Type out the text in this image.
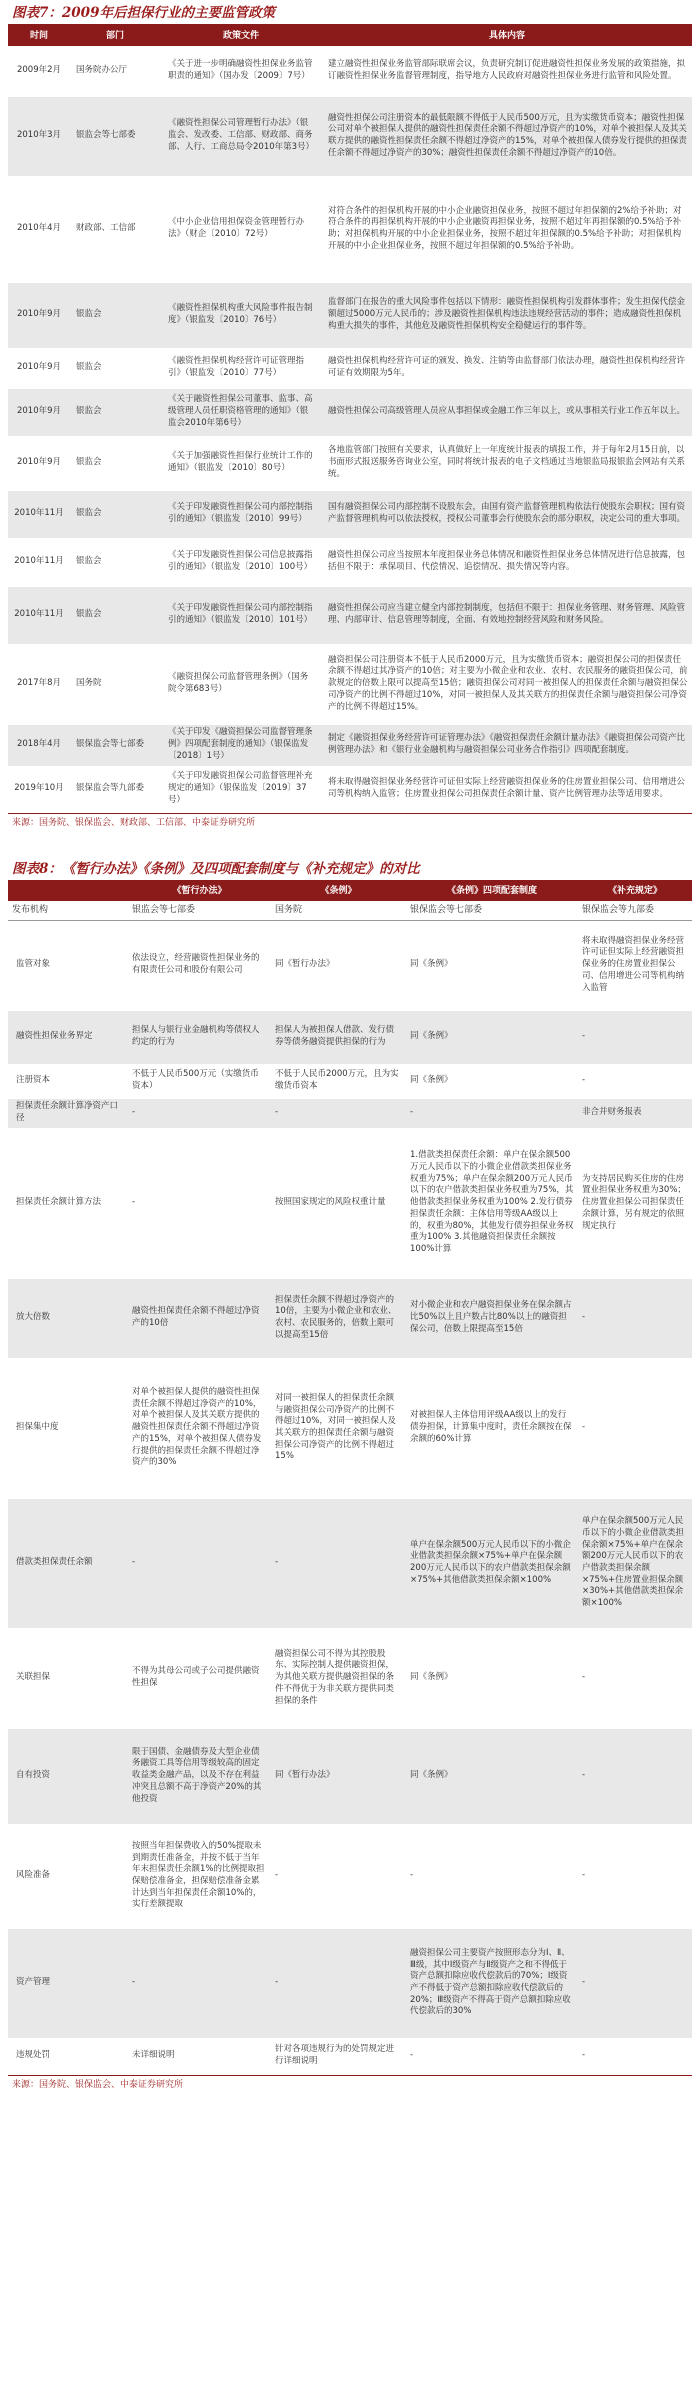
图表7：2009年后担保行业的主要监管政策
时间	部门	政策文件	具体内容
2009年2月	国务院办公厅	《关于进一步明确融资性担保业务监管职责的通知》（国办发〔2009〕7号）	建立融资性担保业务监管部际联席会议，负责研究制订促进融资性担保业务发展的政策措施，拟订融资性担保业务监督管理制度，指导地方人民政府对融资性担保业务进行监管和风险处置。
2010年3月	银监会等七部委	《融资性担保公司管理暂行办法》（银监会、发改委、工信部、财政部、商务部、人行、工商总局令2010年第3号）	融资性担保公司注册资本的最低限额不得低于人民币500万元，且为实缴货币资本；融资性担保公司对单个被担保人提供的融资性担保责任余额不得超过净资产的10%，对单个被担保人及其关联方提供的融资性担保责任余额不得超过净资产的15%，对单个被担保人债券发行提供的担保责任余额不得超过净资产的30%；融资性担保责任余额不得超过净资产的10倍。
2010年4月	财政部、工信部	《中小企业信用担保资金管理暂行办法》（财企〔2010〕72号）	对符合条件的担保机构开展的中小企业融资担保业务，按照不超过年担保额的2%给予补助；对符合条件的再担保机构开展的中小企业融资再担保业务，按照不超过年再担保额的0.5%给予补助；对担保机构开展的中小企业担保业务，按照不超过年担保额的0.5%给予补助；对担保机构开展的中小企业担保业务，按照不超过年担保额的0.5%给予补助。
2010年9月	银监会	《融资性担保机构重大风险事件报告制度》（银监发〔2010〕76号）	监督部门在报告的重大风险事件包括以下情形：融资性担保机构引发群体事件；发生担保代偿金额超过5000万元人民币的；涉及融资性担保机构违法违规经营活动的事件；造成融资性担保机构重大损失的事件，其他危及融资性担保机构安全稳健运行的事件等。
2010年9月	银监会	《融资性担保机构经营许可证管理指引》（银监发〔2010〕77号）	融资性担保机构经营许可证的颁发、换发、注销等由监督部门依法办理，融资性担保机构经营许可证有效期限为5年。
2010年9月	银监会	《关于融资性担保公司董事、监事、高级管理人员任职资格管理的通知》（银监会2010年第6号）	融资性担保公司高级管理人员应从事担保或金融工作三年以上，或从事相关行业工作五年以上。
2010年9月	银监会	《关于加强融资性担保行业统计工作的通知》（银监发〔2010〕80号）	各地监管部门按照有关要求，认真做好上一年度统计报表的填报工作，并于每年2月15日前，以书面形式报送服务咨询业公室，同时将统计报表的电子文档通过当地银监局报银监会网站有关系统。
2010年11月	银监会	《关于印发融资性担保公司内部控制指引的通知》（银监发〔2010〕99号）	国有融资担保公司内部控制不设股东会，由国有资产监督管理机构依法行使股东会职权；国有资产监督管理机构可以依法授权，授权公司董事会行使股东会的部分职权，决定公司的重大事项。
2010年11月	银监会	《关于印发融资性担保公司信息披露指引的通知》（银监发〔2010〕100号）	融资性担保公司应当按照本年度担保业务总体情况和融资性担保业务总体情况进行信息披露，包括但不限于：承保项目、代偿情况、追偿情况、损失情况等内容。
2010年11月	银监会	《关于印发融资性担保公司内部控制指引的通知》（银监发〔2010〕101号）	融资性担保公司应当建立健全内部控制制度，包括但不限于：担保业务管理、财务管理、风险管理、内部审计、信息管理等制度，全面、有效地控制经营风险和财务风险。
2017年8月	国务院	《融资担保公司监督管理条例》（国务院令第683号）	融资担保公司注册资本不低于人民币2000万元，且为实缴货币资本；融资担保公司的担保责任余额不得超过其净资产的10倍；对主要为小微企业和农业、农村、农民服务的融资担保公司，前款规定的倍数上限可以提高至15倍；融资担保公司对同一被担保人的担保责任余额与融资担保公司净资产的比例不得超过10%，对同一被担保人及其关联方的担保责任余额与融资担保公司净资产的比例不得超过15%。
2018年4月	银保监会等七部委	《关于印发《融资担保公司监督管理条例》四项配套制度的通知》（银保监发〔2018〕1号）	制定《融资担保业务经营许可证管理办法》《融资担保责任余额计量办法》《融资担保公司资产比例管理办法》和《银行业金融机构与融资担保公司业务合作指引》四项配套制度。
2019年10月	银保监会等九部委	《关于印发融资担保公司监督管理补充规定的通知》（银保监发〔2019〕37号）	将未取得融资担保业务经营许可证但实际上经营融资担保业务的住房置业担保公司、信用增进公司等机构纳入监管；住房置业担保公司担保责任余额计量、资产比例管理办法等适用要求。
来源：国务院、银保监会、财政部、工信部、中泰证券研究所
图表8：《暂行办法》《条例》及四项配套制度与《补充规定》的对比
	《暂行办法》	《条例》	《条例》四项配套制度	《补充规定》
发布机构	银监会等七部委	国务院	银保监会等七部委	银保监会等九部委
监管对象	依法设立，经营融资性担保业务的有限责任公司和股份有限公司	同《暂行办法》	同《条例》	将未取得融资担保业务经营许可证但实际上经营融资担保业务的住房置业担保公司、信用增进公司等机构纳入监管
融资性担保业务界定	担保人与银行业金融机构等债权人约定的行为	担保人为被担保人借款、发行债券等债务融资提供担保的行为	同《条例》	-
注册资本	不低于人民币500万元（实缴货币资本）	不低于人民币2000万元，且为实缴货币资本	同《条例》	-
担保责任余额计算净资产口径	-	-	-	非合并财务报表
担保责任余额计算方法	-	按照国家规定的风险权重计量	1.借款类担保责任余额：单户在保余额500万元人民币以下的小微企业借款类担保业务权重为75%；单户在保余额200万元人民币以下的农户借款类担保业务权重为75%，其他借款类担保业务权重为100% 2.发行债券担保责任余额：主体信用等级AA级以上的，权重为80%，其他发行债券担保业务权重为100% 3.其他融资担保责任余额按100%计算	为支持居民购买住房的住房置业担保业务权重为30%；住房置业担保公司担保责任余额计算，另有规定的依照规定执行
放大倍数	融资性担保责任余额不得超过净资产的10倍	担保责任余额不得超过净资产的10倍，主要为小微企业和农业、农村、农民服务的，倍数上限可以提高至15倍	对小微企业和农户融资担保业务在保余额占比50%以上且户数占比80%以上的融资担保公司，倍数上限提高至15倍	-
担保集中度	对单个被担保人提供的融资性担保责任余额不得超过净资产的10%，对单个被担保人及其关联方提供的融资性担保责任余额不得超过净资产的15%，对单个被担保人债券发行提供的担保责任余额不得超过净资产的30%	对同一被担保人的担保责任余额与融资担保公司净资产的比例不得超过10%，对同一被担保人及其关联方的担保责任余额与融资担保公司净资产的比例不得超过15%	对被担保人主体信用评级AA级以上的发行债券担保，计算集中度时，责任余额按在保余额的60%计算	-
借款类担保责任余额	-	-	单户在保余额500万元人民币以下的小微企业借款类担保余额×75%+单户在保余额200万元人民币以下的农户借款类担保余额×75%+其他借款类担保余额×100%	单户在保余额500万元人民币以下的小微企业借款类担保余额×75%+单户在保余额200万元人民币以下的农户借款类担保余额×75%+住房置业担保余额×30%+其他借款类担保余额×100%
关联担保	不得为其母公司或子公司提供融资性担保	融资担保公司不得为其控股股东、实际控制人提供融资担保，为其他关联方提供融资担保的条件不得优于为非关联方提供同类担保的条件	同《条例》	-
自有投资	限于国债、金融债券及大型企业债务融资工具等信用等级较高的固定收益类金融产品，以及不存在利益冲突且总额不高于净资产20%的其他投资	同《暂行办法》	同《条例》	-
风险准备	按照当年担保费收入的50%提取未到期责任准备金，并按不低于当年年末担保责任余额1%的比例提取担保赔偿准备金，担保赔偿准备金累计达到当年担保责任余额10%的，实行差额提取	-	-	-
资产管理	-	-	融资担保公司主要资产按照形态分为Ⅰ、Ⅱ、Ⅲ级，其中Ⅰ级资产与Ⅱ级资产之和不得低于资产总额扣除应收代偿款后的70%；Ⅰ级资产不得低于资产总额扣除应收代偿款后的20%；Ⅲ级资产不得高于资产总额扣除应收代偿款后的30%	-
违规处罚	未详细说明	针对各项违规行为的处罚规定进行详细说明	-	-
来源：国务院、银保监会、中泰证券研究所
